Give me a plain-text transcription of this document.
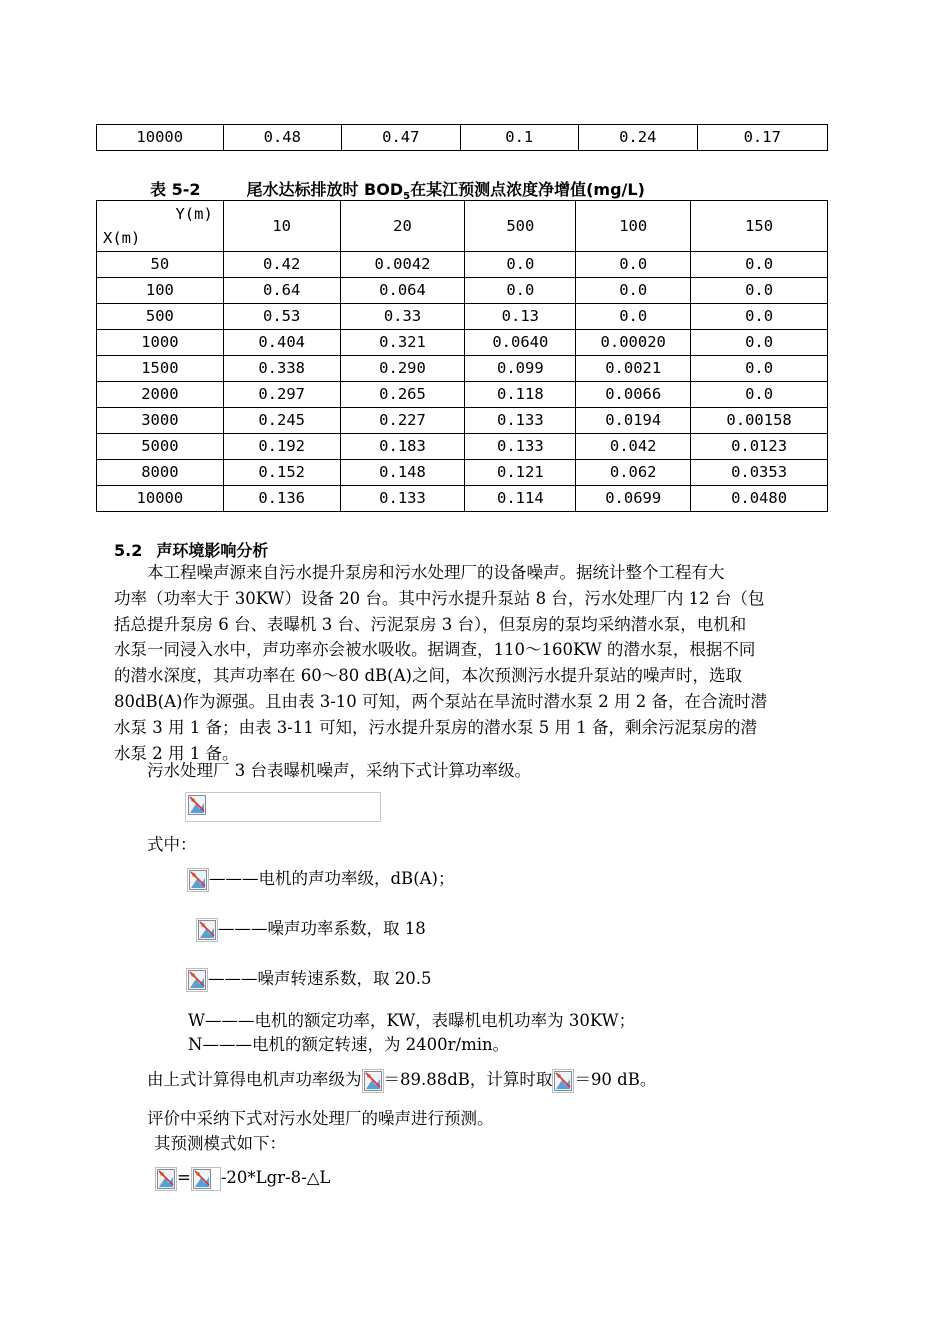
10000	0.48	0.47	0.1	0.24	0.17
表 5-2	尾水达标排放时 $BOD_5$在某江预测点浓度净增值(mg/L)
Y(m)
X(m)	10	20	500	100	150
50	0.42	0.0042	0.0	0.0	0.0
100	0.64	0.064	0.0	0.0	0.0
500	0.53	0.33	0.13	0.0	0.0
1000	0.404	0.321	0.0640	0.00020	0.0
1500	0.338	0.290	0.099	0.0021	0.0
2000	0.297	0.265	0.118	0.0066	0.0
3000	0.245	0.227	0.133	0.0194	0.00158
5000	0.192	0.183	0.133	0.042	0.0123
8000	0.152	0.148	0.121	0.062	0.0353
10000	0.136	0.133	0.114	0.0699	0.0480
5.2 声环境影响分析
本工程噪声源来自污水提升泵房和污水处理厂的设备噪声。据统计整个工程有大
功率（功率大于 30KW）设备 20 台。其中污水提升泵站 8 台，污水处理厂内 12 台（包
括总提升泵房 6 台、表曝机 3 台、污泥泵房 3 台），但泵房的泵均采纳潜水泵，电机和
水泵一同浸入水中，声功率亦会被水吸收。据调查，110～160KW 的潜水泵，根据不同
的潜水深度，其声功率在 60～80 dB(A)之间，本次预测污水提升泵站的噪声时，选取
80dB(A)作为源强。且由表 3-10 可知，两个泵站在旱流时潜水泵 2 用 2 备，在合流时潜
水泵 3 用 1 备；由表 3-11 可知，污水提升泵房的潜水泵 5 用 1 备，剩余污泥泵房的潜
水泵 2 用 1 备。
污水处理厂 3 台表曝机噪声，采纳下式计算功率级。
式中：
———电机的声功率级，dB(A)；
———噪声功率系数，取 18
———噪声转速系数，取 20.5
W———电机的额定功率，KW，表曝机电机功率为 30KW；
N———电机的额定转速，为 2400r/min。
由上式计算得电机声功率级为 ＝89.88dB，计算时取 ＝90 dB。
评价中采纳下式对污水处理厂的噪声进行预测。
其预测模式如下：
= -20*Lgr-8-△L
